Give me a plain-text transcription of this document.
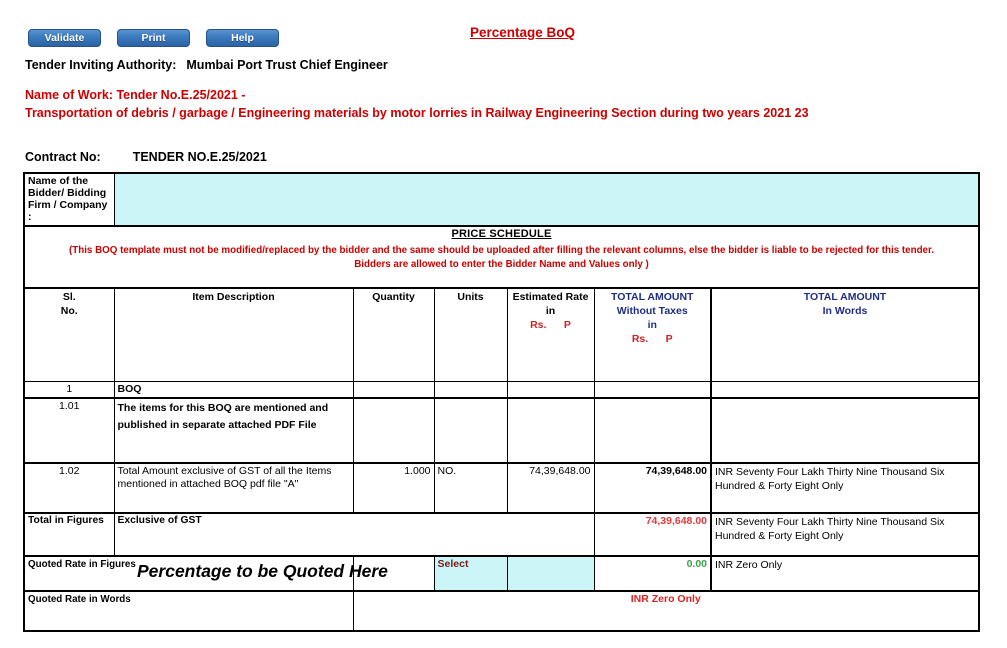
Validate	Print	Help	Percentage BoQ
Tender Inviting Authority: Mumbai Port Trust Chief Engineer
Name of Work: Tender No.E.25/2021 -
Transportation of debris / garbage / Engineering materials by motor lorries in Railway Engineering Section during two years 2021 23
Contract No:	TENDER NO.E.25/2021
Name of the Bidder/ Bidding Firm / Company :						

PRICE SCHEDULE
(This BOQ template must not be modified/replaced by the bidder and the same should be uploaded after filling the relevant columns, else the bidder is liable to be rejected for this tender.
Bidders are allowed to enter the Bidder Name and Values only )						

Sl.
No.	Item Description	Quantity	Units	Estimated Rate
in
Rs.      P	TOTAL AMOUNT
Without Taxes
in
Rs.      P	TOTAL AMOUNT
In Words

1	BOQ					
1.01	The items for this BOQ are mentioned and published in separate attached PDF File					
1.02	Total Amount exclusive of GST of all the Items mentioned in attached BOQ pdf file "A"	1.000	NO.	74,39,648.00	74,39,648.00	INR Seventy Four Lakh Thirty Nine Thousand Six Hundred & Forty Eight Only
Total in Figures	Exclusive of GST				74,39,648.00	INR Seventy Four Lakh Thirty Nine Thousand Six Hundred & Forty Eight Only
Quoted Rate in Figures Percentage to be Quoted Here			Select		0.00	INR Zero Only
Quoted Rate in Words		INR Zero Only				
